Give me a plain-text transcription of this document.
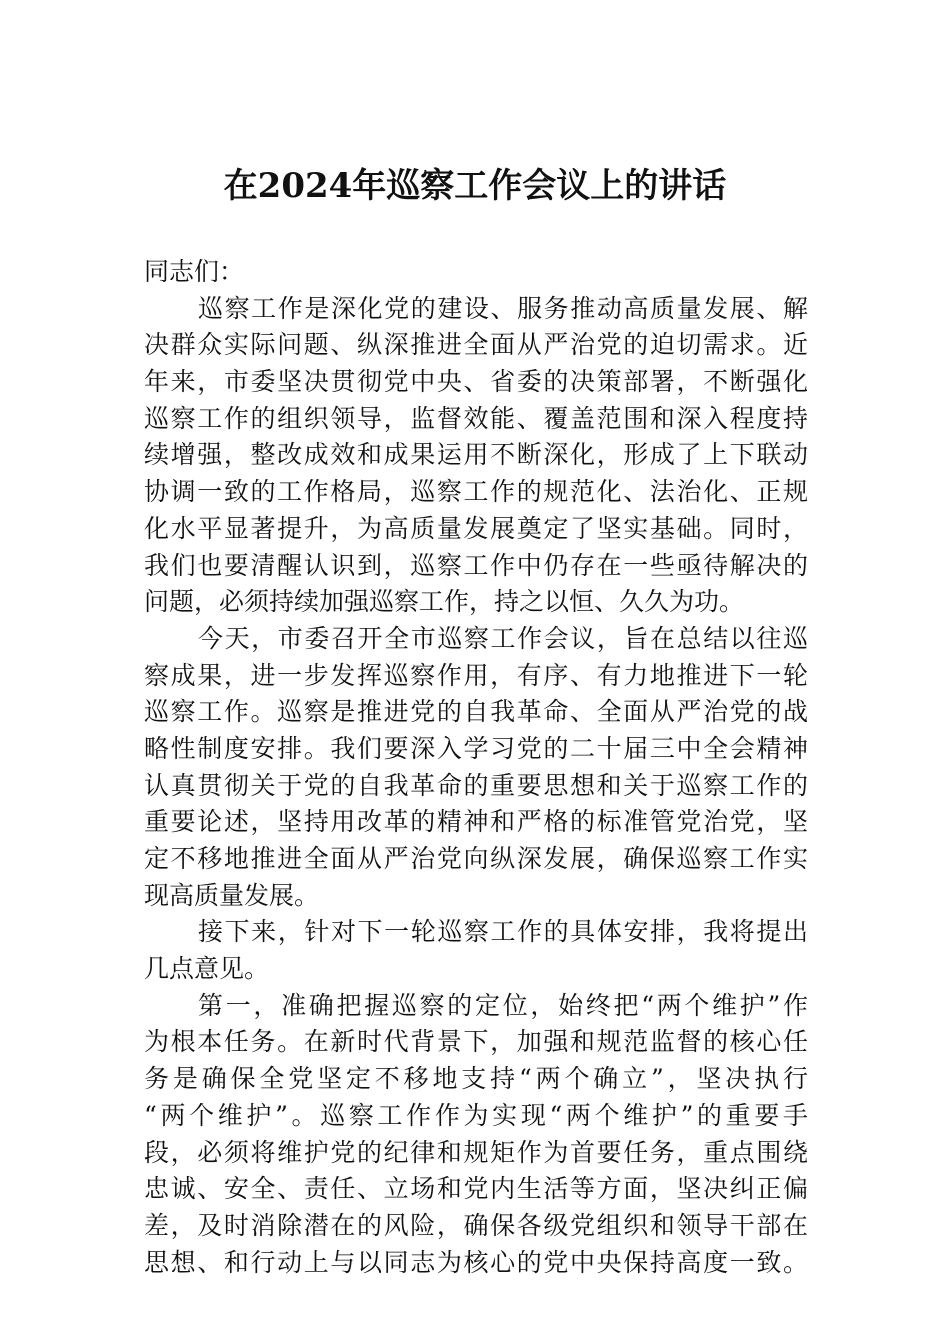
在2024年巡察工作会议上的讲话
同志们：
巡察工作是深化党的建设、服务推动高质量发展、解
决群众实际问题、纵深推进全面从严治党的迫切需求。近
年来，市委坚决贯彻党中央、省委的决策部署，不断强化
巡察工作的组织领导，监督效能、覆盖范围和深入程度持
续增强，整改成效和成果运用不断深化，形成了上下联动
协调一致的工作格局，巡察工作的规范化、法治化、正规
化水平显著提升，为高质量发展奠定了坚实基础。同时，
我们也要清醒认识到，巡察工作中仍存在一些亟待解决的
问题，必须持续加强巡察工作，持之以恒、久久为功。
今天，市委召开全市巡察工作会议，旨在总结以往巡
察成果，进一步发挥巡察作用，有序、有力地推进下一轮
巡察工作。巡察是推进党的自我革命、全面从严治党的战
略性制度安排。我们要深入学习党的二十届三中全会精神
认真贯彻关于党的自我革命的重要思想和关于巡察工作的
重要论述，坚持用改革的精神和严格的标准管党治党，坚
定不移地推进全面从严治党向纵深发展，确保巡察工作实
现高质量发展。
接下来，针对下一轮巡察工作的具体安排，我将提出
几点意见。
第一，准确把握巡察的定位，始终把“两个维护”作
为根本任务。在新时代背景下，加强和规范监督的核心任
务是确保全党坚定不移地支持“两个确立”，坚决执行
“两个维护”。巡察工作作为实现“两个维护”的重要手
段，必须将维护党的纪律和规矩作为首要任务，重点围绕
忠诚、安全、责任、立场和党内生活等方面，坚决纠正偏
差，及时消除潜在的风险，确保各级党组织和领导干部在
思想、和行动上与以同志为核心的党中央保持高度一致。
